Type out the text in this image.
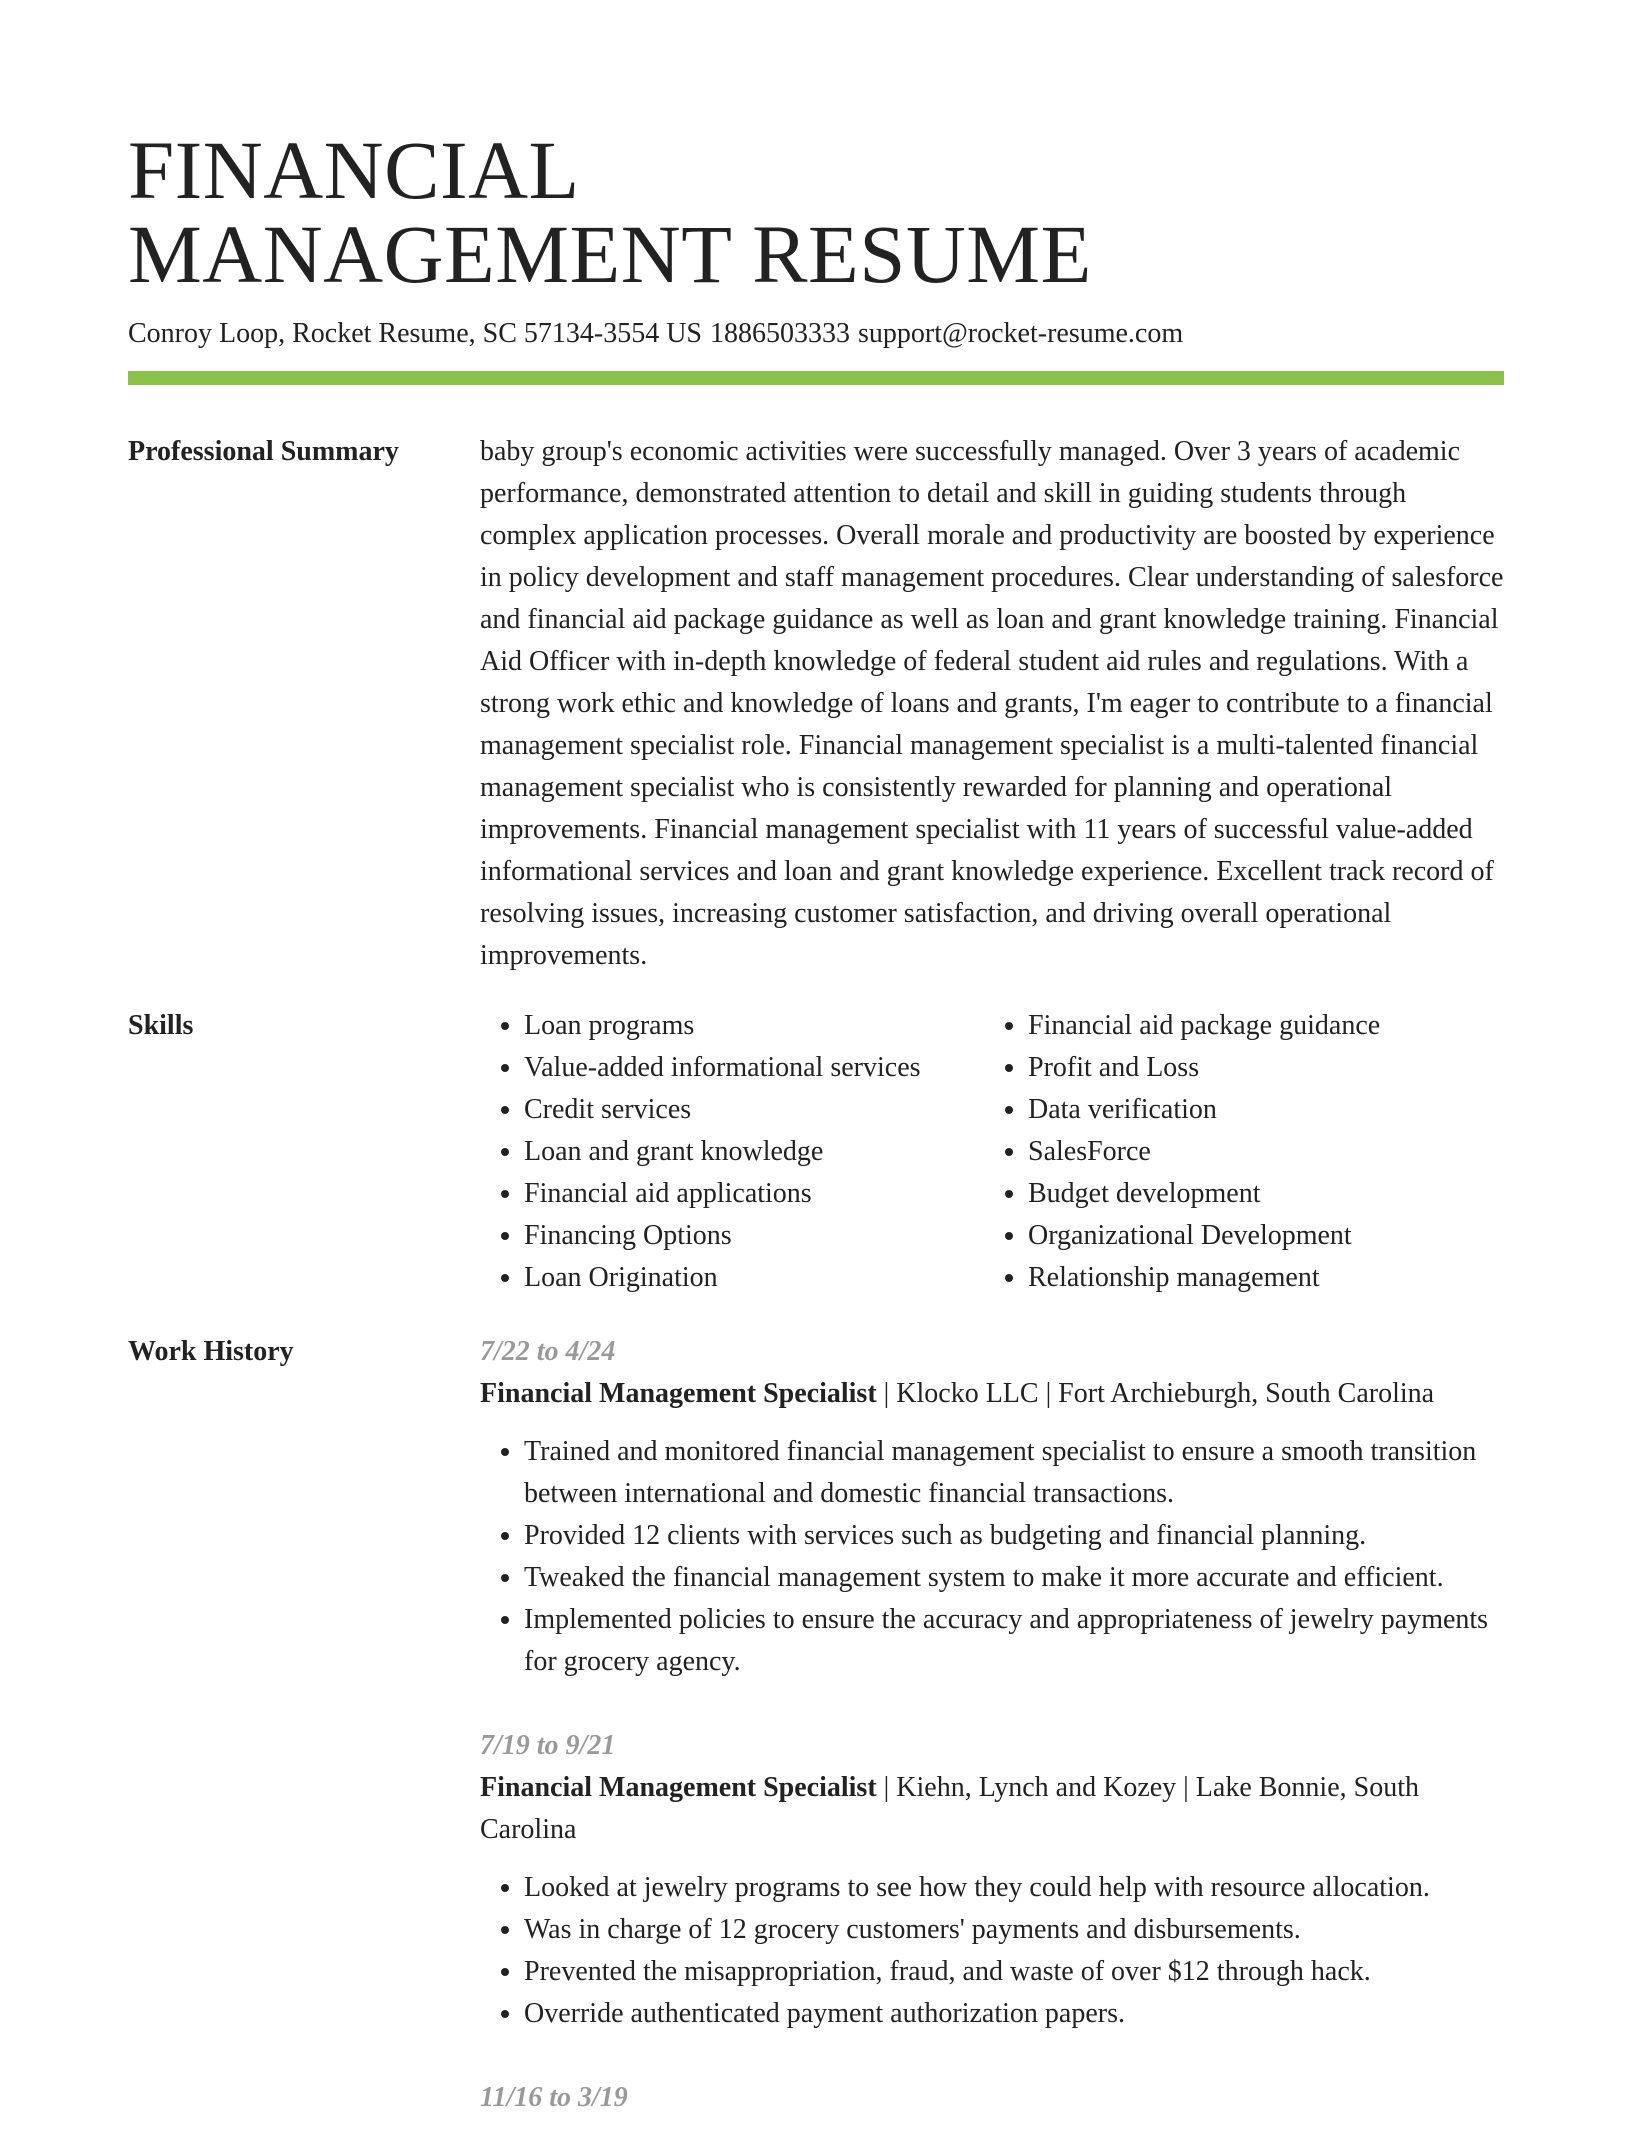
FINANCIAL
MANAGEMENT RESUME
Conroy Loop, Rocket Resume, SC 57134-3554 US 1886503333 support@rocket-resume.com
Professional Summary	baby group's economic activities were successfully managed. Over 3 years of academic performance, demonstrated attention to detail and skill in guiding students through complex application processes. Overall morale and productivity are boosted by experience in policy development and staff management procedures. Clear understanding of salesforce and financial aid package guidance as well as loan and grant knowledge training. Financial Aid Officer with in-depth knowledge of federal student aid rules and regulations. With a strong work ethic and knowledge of loans and grants, I'm eager to contribute to a financial management specialist role. Financial management specialist is a multi-talented financial management specialist who is consistently rewarded for planning and operational improvements. Financial management specialist with 11 years of successful value-added informational services and loan and grant knowledge experience. Excellent track record of resolving issues, increasing customer satisfaction, and driving overall operational improvements.

Skills
•	Loan programs
• Value-added informational services
• Credit services
• Loan and grant knowledge
• Financial aid applications
• Financing Options
• Loan Origination
• Financial aid package guidance
• Profit and Loss
• Data verification
• SalesForce
• Budget development
• Organizational Development
• Relationship management
Work History	7/22 to 4/24
Financial Management Specialist | Klocko LLC | Fort Archieburgh, South Carolina
• Trained and monitored financial management specialist to ensure a smooth transition between international and domestic financial transactions.
• Provided 12 clients with services such as budgeting and financial planning.
• Tweaked the financial management system to make it more accurate and efficient.
• Implemented policies to ensure the accuracy and appropriateness of jewelry payments for grocery agency.
7/19 to 9/21
Financial Management Specialist | Kiehn, Lynch and Kozey | Lake Bonnie, South Carolina
• Looked at jewelry programs to see how they could help with resource allocation.
• Was in charge of 12 grocery customers' payments and disbursements.
• Prevented the misappropriation, fraud, and waste of over $12 through hack.
• Override authenticated payment authorization papers.
11/16 to 3/19
